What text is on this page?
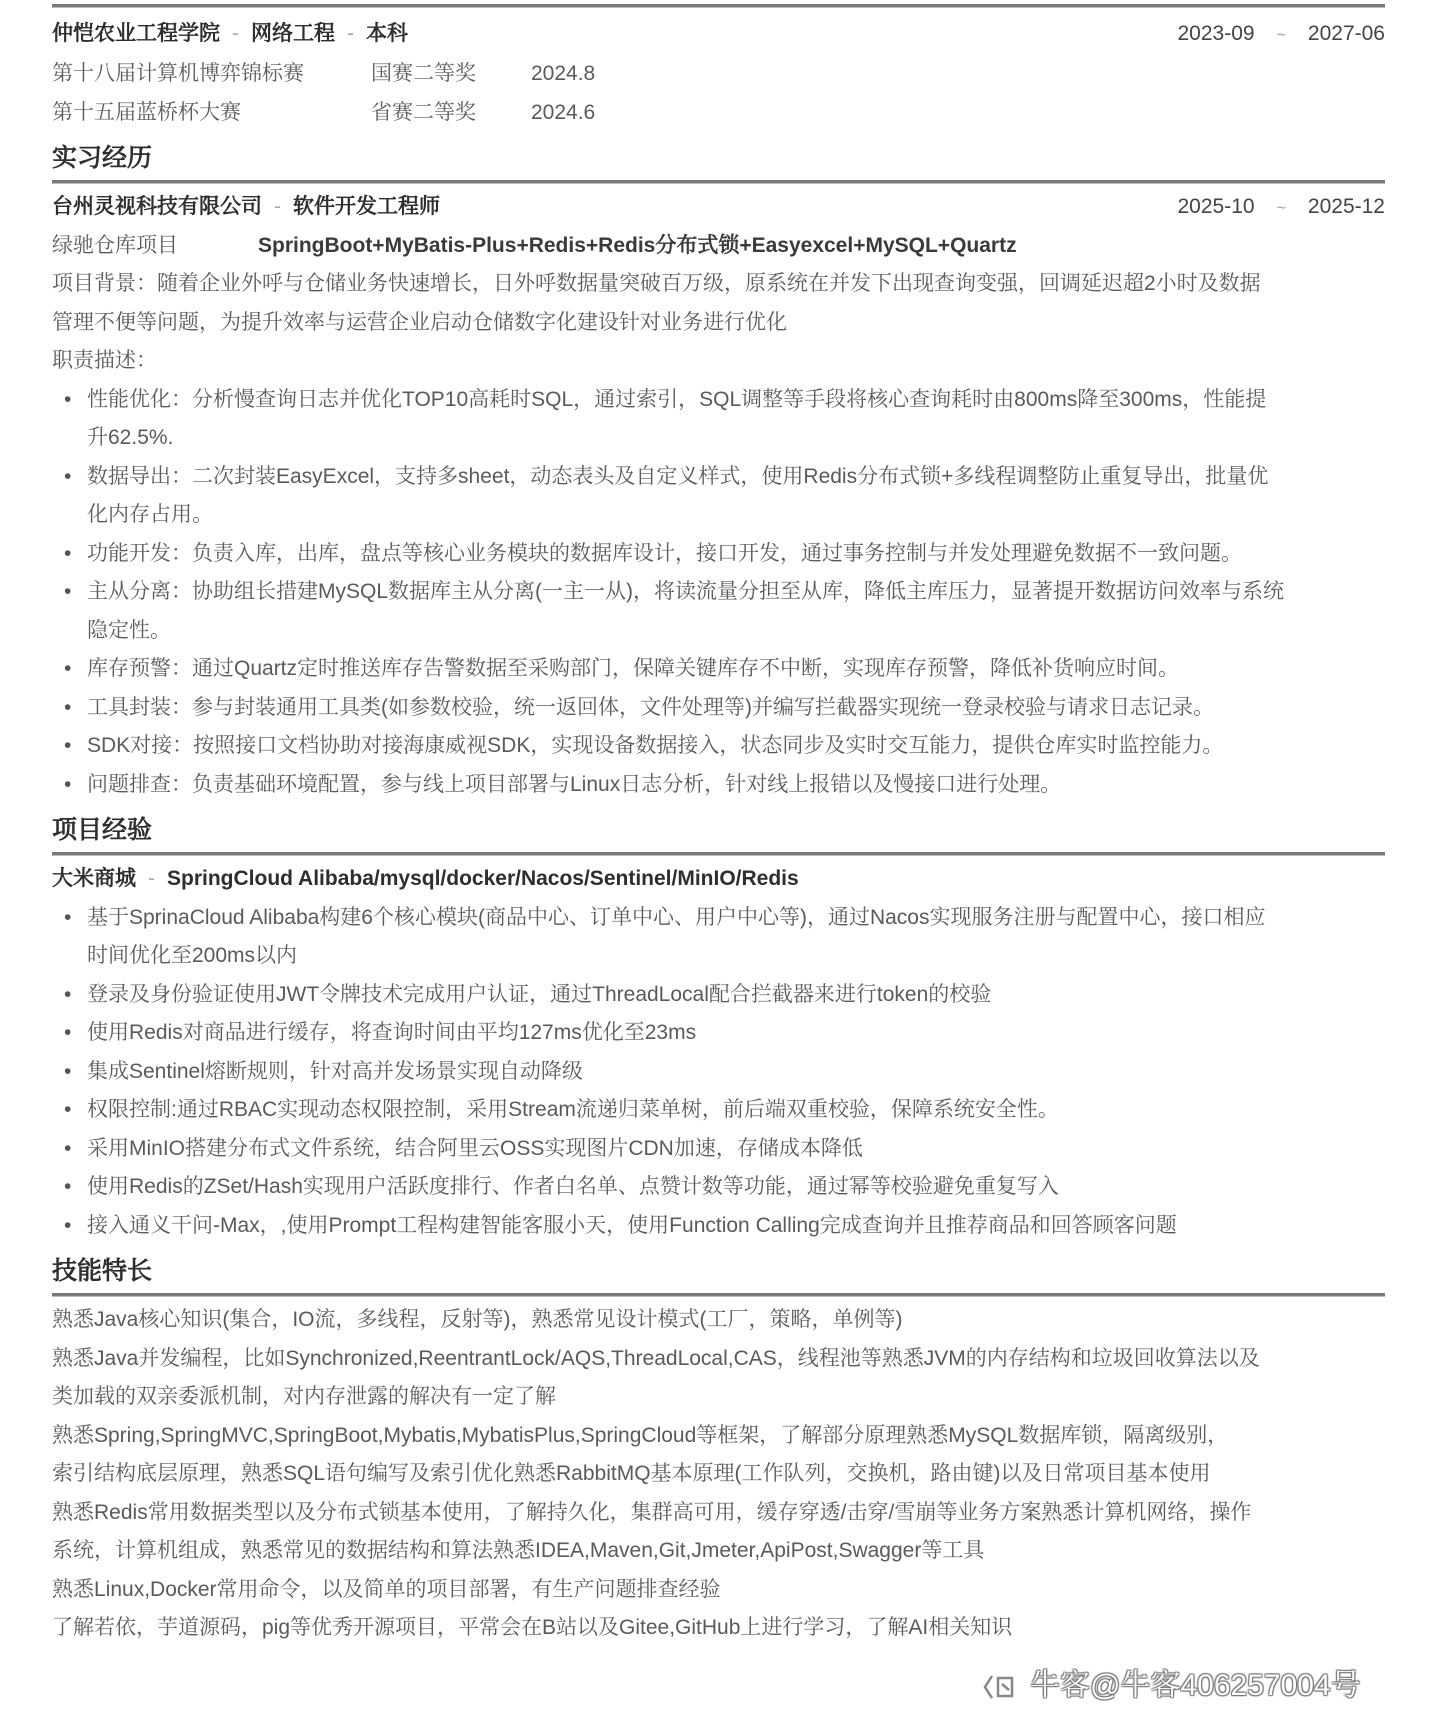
仲恺农业工程学院 - 网络工程 - 本科	2023-09 ~ 2027-06
第十八届计算机博弈锦标赛	国赛二等奖	2024.8
第十五届蓝桥杯大赛	省赛二等奖	2024.6
实习经历
台州灵视科技有限公司 - 软件开发工程师	2025-10 ~ 2025-12
绿驰仓库项目	SpringBoot+MyBatis-Plus+Redis+Redis分布式锁+Easyexcel+MySQL+Quartz
项目背景：随着企业外呼与仓储业务快速增长，日外呼数据量突破百万级，原系统在并发下出现查询变强，回调延迟超2小时及数据
管理不便等问题，为提升效率与运营企业启动仓储数字化建设针对业务进行优化
职责描述：
• 性能优化：分析慢查询日志并优化TOP10高耗时SQL，通过索引，SQL调整等手段将核心查询耗时由800ms降至300ms，性能提
升62.5%.
• 数据导出：二次封装EasyExcel，支持多sheet，动态表头及自定义样式，使用Redis分布式锁+多线程调整防止重复导出，批量优
化内存占用。
• 功能开发：负责入库，出库，盘点等核心业务模块的数据库设计，接口开发，通过事务控制与并发处理避免数据不一致问题。
• 主从分离：协助组长措建MySQL数据库主从分离(一主一从)，将读流量分担至从库，降低主库压力，显著提开数据访问效率与系统
隐定性。
• 库存预警：通过Quartz定时推送库存告警数据至采购部门，保障关键库存不中断，实现库存预警，降低补货响应时间。
• 工具封装：参与封装通用工具类(如参数校验，统一返回体，文件处理等)并编写拦截器实现统一登录校验与请求日志记录。
• SDK对接：按照接口文档协助对接海康威视SDK，实现设备数据接入，状态同步及实时交互能力，提供仓库实时监控能力。
• 问题排查：负责基础环境配置，参与线上项目部署与Linux日志分析，针对线上报错以及慢接口进行处理。
项目经验
大米商城 - SpringCloud Alibaba/mysql/docker/Nacos/Sentinel/MinIO/Redis
• 基于SprinaCloud Alibaba构建6个核心模块(商品中心、订单中心、用户中心等)，通过Nacos实现服务注册与配置中心，接口相应
时间优化至200ms以内
• 登录及身份验证使用JWT令牌技术完成用户认证，通过ThreadLocal配合拦截器来进行token的校验
• 使用Redis对商品进行缓存，将查询时间由平均127ms优化至23ms
• 集成Sentinel熔断规则，针对高并发场景实现自动降级
• 权限控制:通过RBAC实现动态权限控制，采用Stream流递归菜单树，前后端双重校验，保障系统安全性。
• 采用MinIO搭建分布式文件系统，结合阿里云OSS实现图片CDN加速，存储成本降低
• 使用Redis的ZSet/Hash实现用户活跃度排行、作者白名单、点赞计数等功能，通过幂等校验避免重复写入
• 接入通义干问-Max，,使用Prompt工程构建智能客服小天，使用Function Calling完成查询并且推荐商品和回答顾客问题
技能特长
熟悉Java核心知识(集合，IO流，多线程，反射等)，熟悉常见设计模式(工厂，策略，单例等)
熟悉Java并发编程，比如Synchronized,ReentrantLock/AQS,ThreadLocal,CAS，线程池等熟悉JVM的内存结构和垃圾回收算法以及
类加载的双亲委派机制，对内存泄露的解决有一定了解
熟悉Spring,SpringMVC,SpringBoot,Mybatis,MybatisPlus,SpringCloud等框架，了解部分原理熟悉MySQL数据库锁，隔离级别，
索引结构底层原理，熟悉SQL语句编写及索引优化熟悉RabbitMQ基本原理(工作队列，交换机，路由键)以及日常项目基本使用
熟悉Redis常用数据类型以及分布式锁基本使用，了解持久化，集群高可用，缓存穿透/击穿/雪崩等业务方案熟悉计算机网络，操作
系统，计算机组成，熟悉常见的数据结构和算法熟悉IDEA,Maven,Git,Jmeter,ApiPost,Swagger等工具
熟悉Linux,Docker常用命令，以及简单的项目部署，有生产问题排查经验
了解若依，芋道源码，pig等优秀开源项目，平常会在B站以及Gitee,GitHub上进行学习，了解AI相关知识
牛客@牛客406257004号
